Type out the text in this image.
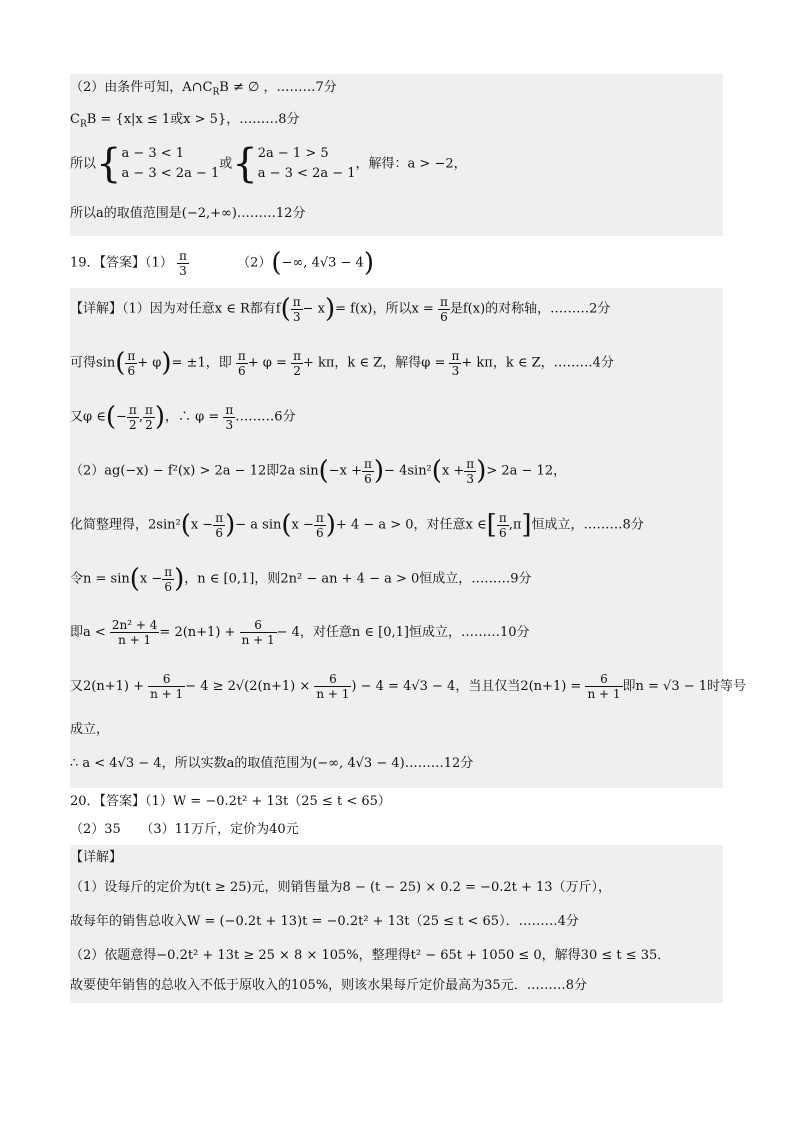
（2）由条件可知，$A\cap C_RB$ ≠ ∅ ，………7分
$C_RB = \{x|x \le 1$或x > 5}，………8分
所以{ a − 3 < 1
a − 3 < 2a − 1
或{ 2a − 1 > 5
a − 3 < 2a − 1
，解得：a > −2，
所以a的取值范围是(−2,+∞)………12分
19．【答案】$(1) \frac{\pi}{3}$	（2）(−∞, 4√3 − 4)
【详解】（1）因为对任意x ∈ R都有$f( \frac{\pi}{3} - x)= f(x)$，所以$x = \frac{\pi}{6}$ 是f(x)的对称轴，………2分
可得$\sin( \frac{\pi}{6} + \varphi)= \pm 1$，即 $\frac{\pi}{6} + \varphi = \frac{\pi}{2} + k\pi$，k ∈ Z，解得$\varphi = \frac{\pi}{3} + k\pi$，k ∈ Z，………4分
又φ ∈(− $\frac{\pi}{2}$ , $\frac{\pi}{2}$ )，∴ $\varphi = \frac{\pi}{3}$ ………6分
（2）ag(−x) − f²(x) > 2a − 12即2a $\sin(-x + \frac{\pi}{6}$ )− $4\sin^2(x + \frac{\pi}{3}$ )> 2a − 12，
化简整理得，$2\sin^2(x - \frac{\pi}{6}$ )− a $\sin(x - \frac{\pi}{6}$ )+ 4 − a > 0，对任意x ∈[ $\frac{\pi}{6} ,\pi$]恒成立，………8分
令$n = \sin(x - \frac{\pi}{6}$ )，n ∈ [0,1]，则2n² − an + 4 − a > 0恒成立，………9分
即$a < \frac{\text{2n² + 4}}{n + 1} = 2(n+1) + \frac{6}{n + 1} - 4$，对任意n ∈ [0,1]恒成立，………10分
又$2(n+1) + \frac{6}{n + 1} - 4 \ge 2√(2(n+1) \times \frac{6}{n + 1}$ ) − 4 = 4√3 − 4，当且仅当$2(n+1) = \frac{6}{n + 1}$ 即n = √3 − 1时等号
成立，
∴ a < 4√3 − 4，所以实数a的取值范围为(−∞, 4√3 − 4)………12分
20．【答案】（1）W = −0.2t² + 13t（25 ≤ t < 65）
（2）35　　（3）11万斤，定价为40元
【详解】
（1）设每斤的定价为t(t ≥ 25)元，则销售量为8 − (t − 25) × 0.2 = −0.2t + 13（万斤），
故每年的销售总收入W = (−0.2t + 13)t = −0.2t² + 13t（25 ≤ t < 65）．………4分
（2）依题意得−0.2t² + 13t ≥ 25 × 8 × 105%，整理得t² − 65t + 1050 ≤ 0，解得30 ≤ t ≤ 35．
故要使年销售的总收入不低于原收入的105%，则该水果每斤定价最高为35元．………8分
